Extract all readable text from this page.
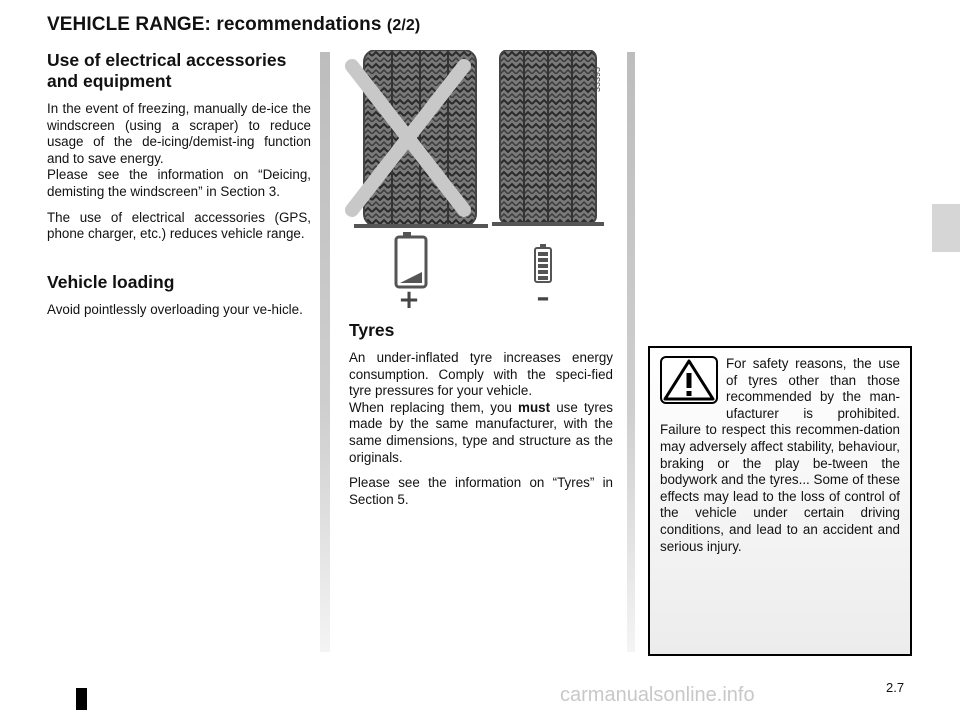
VEHICLE RANGE: recommendations (2/2)
Use of electrical accessories and equipment

In the event of freezing, manually de-ice the windscreen (using a scraper) to reduce usage of the de-icing/demist-ing function and to save energy.
Please see the information on “Deicing, demisting the windscreen” in Section 3.

The use of electrical accessories (GPS, phone charger, etc.) reduces vehicle range.

Vehicle loading

Avoid pointlessly overloading your ve-hicle.	+	–
33395
Tyres

An under-inflated tyre increases energy consumption. Comply with the speci-fied tyre pressures for your vehicle.
When replacing them, you must use tyres made by the same manufacturer, with the same dimensions, type and structure as the originals.

Please see the information on “Tyres” in Section 5.

For safety reasons, the use of tyres other than those recommended by the man-ufacturer is prohibited. Failure to respect this recommen-dation may adversely affect stability, behaviour, braking or the play be-tween the bodywork and the tyres... Some of these effects may lead to the loss of control of the vehicle under certain driving conditions, and lead to an accident and serious injury.
2.7
carmanualsonline.info
